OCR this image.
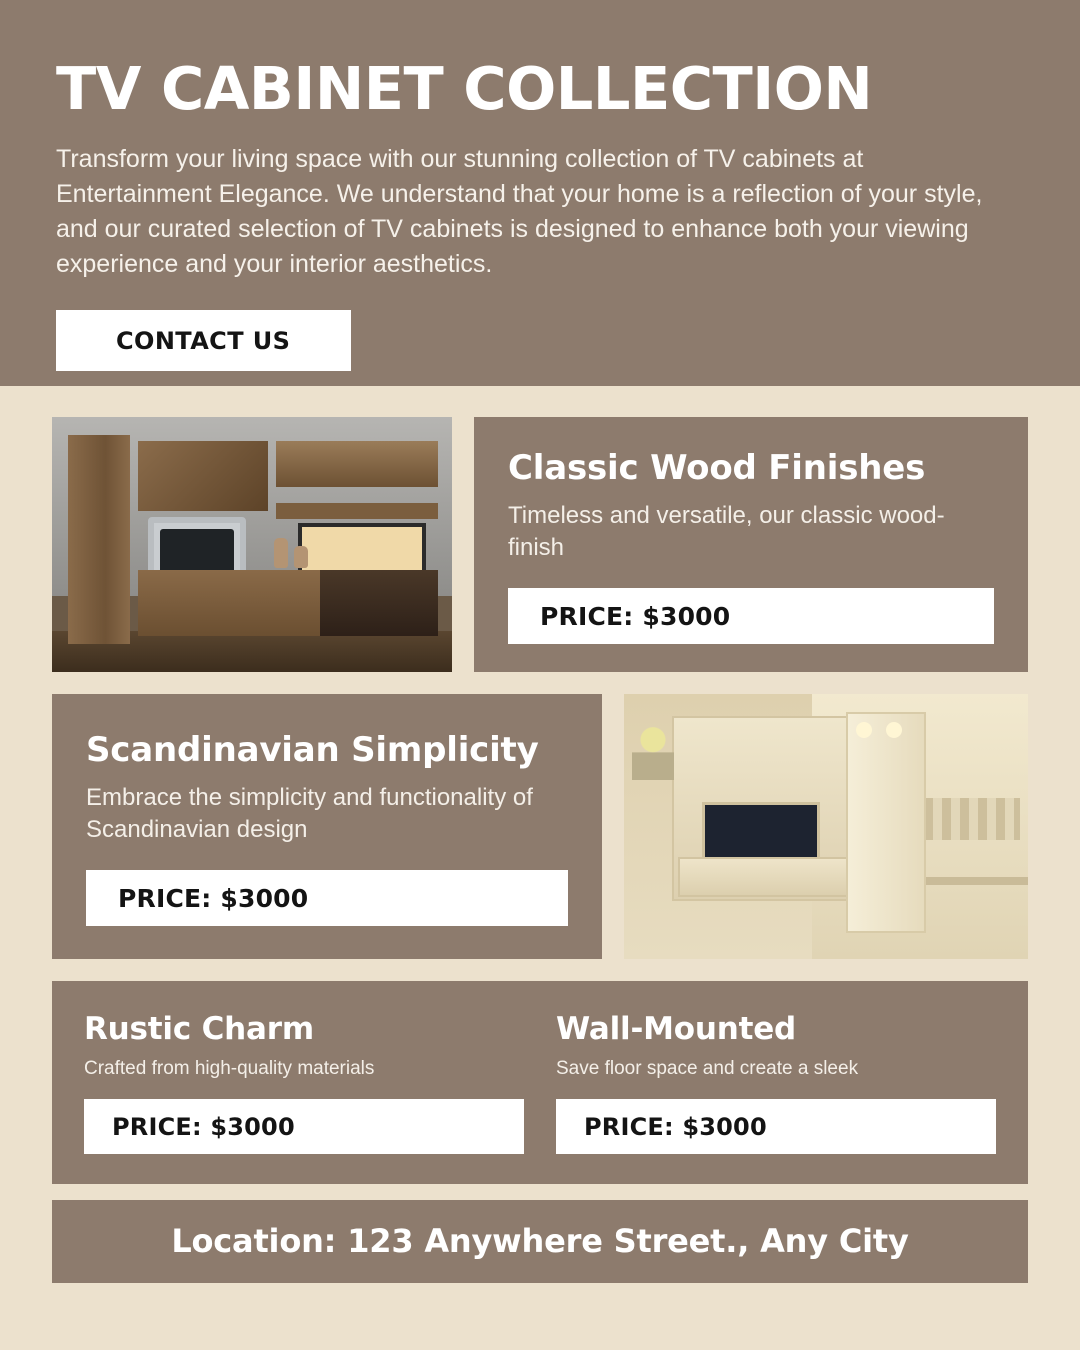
TV CABINET COLLECTION

Transform your living space with our stunning collection of TV cabinets at Entertainment Elegance. We understand that your home is a reflection of your style, and our curated selection of TV cabinets is designed to enhance both your viewing experience and your interior aesthetics.

CONTACT US
Classic Wood Finishes
Timeless and versatile, our classic wood-finish
PRICE: $3000
Scandinavian Simplicity
Embrace the simplicity and functionality of Scandinavian design
PRICE: $3000
Rustic Charm
Crafted from high-quality materials
PRICE: $3000
Wall-Mounted
Save floor space and create a sleek
PRICE: $3000
Location: 123 Anywhere Street., Any City
